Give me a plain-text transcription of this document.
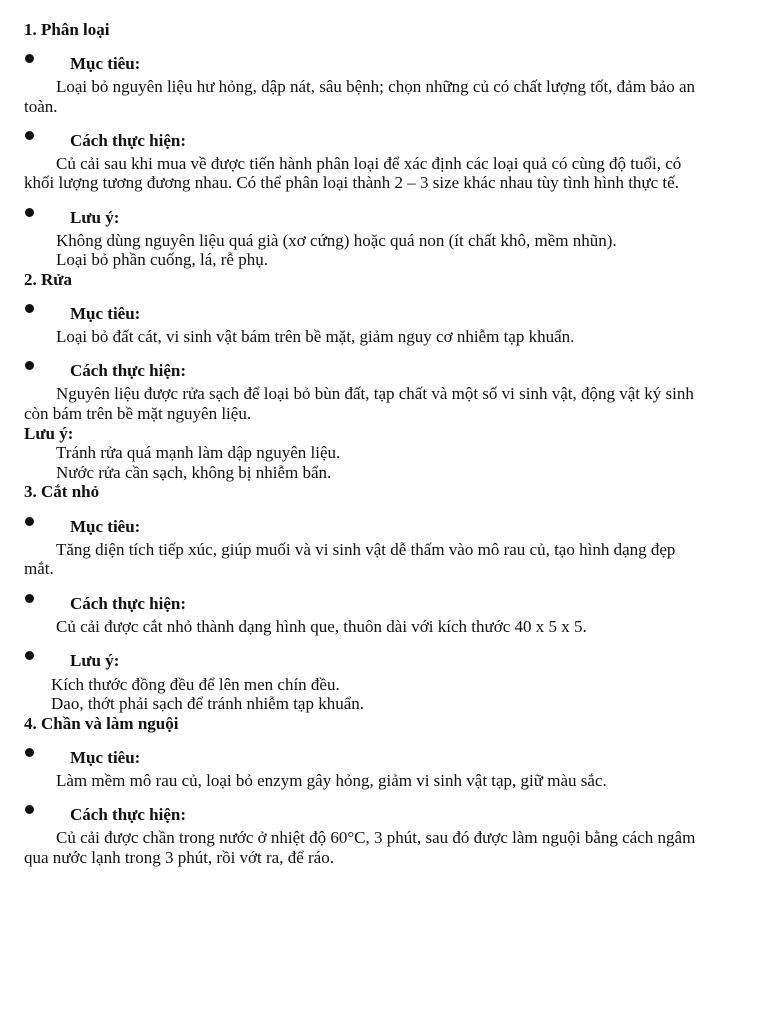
1. Phân loại
Mục tiêu:
Loại bỏ nguyên liệu hư hỏng, dập nát, sâu bệnh; chọn những củ có chất lượng tốt, đảm bảo an
toàn.
Cách thực hiện:
Củ cải sau khi mua về được tiến hành phân loại để xác định các loại quả có cùng độ tuổi, có
khối lượng tương đương nhau. Có thể phân loại thành 2 – 3 size khác nhau tùy tình hình thực tế.
Lưu ý:
Không dùng nguyên liệu quá già (xơ cứng) hoặc quá non (ít chất khô, mềm nhũn).
Loại bỏ phần cuống, lá, rễ phụ.
2. Rửa
Mục tiêu:
Loại bỏ đất cát, vi sinh vật bám trên bề mặt, giảm nguy cơ nhiễm tạp khuẩn.
Cách thực hiện:
Nguyên liệu được rửa sạch để loại bỏ bùn đất, tạp chất và một số vi sinh vật, động vật ký sinh
còn bám trên bề mặt nguyên liệu.
Lưu ý:
Tránh rửa quá mạnh làm dập nguyên liệu.
Nước rửa cần sạch, không bị nhiễm bẩn.
3. Cắt nhỏ
Mục tiêu:
Tăng diện tích tiếp xúc, giúp muối và vi sinh vật dễ thấm vào mô rau củ, tạo hình dạng đẹp
mắt.
Cách thực hiện:
Củ cải được cắt nhỏ thành dạng hình que, thuôn dài với kích thước 40 x 5 x 5.
Lưu ý:
Kích thước đồng đều để lên men chín đều.
Dao, thớt phải sạch để tránh nhiễm tạp khuẩn.
4. Chần và làm nguội
Mục tiêu:
Làm mềm mô rau củ, loại bỏ enzym gây hỏng, giảm vi sinh vật tạp, giữ màu sắc.
Cách thực hiện:
Củ cải được chần trong nước ở nhiệt độ 60°C, 3 phút, sau đó được làm nguội bằng cách ngâm
qua nước lạnh trong 3 phút, rồi vớt ra, để ráo.
